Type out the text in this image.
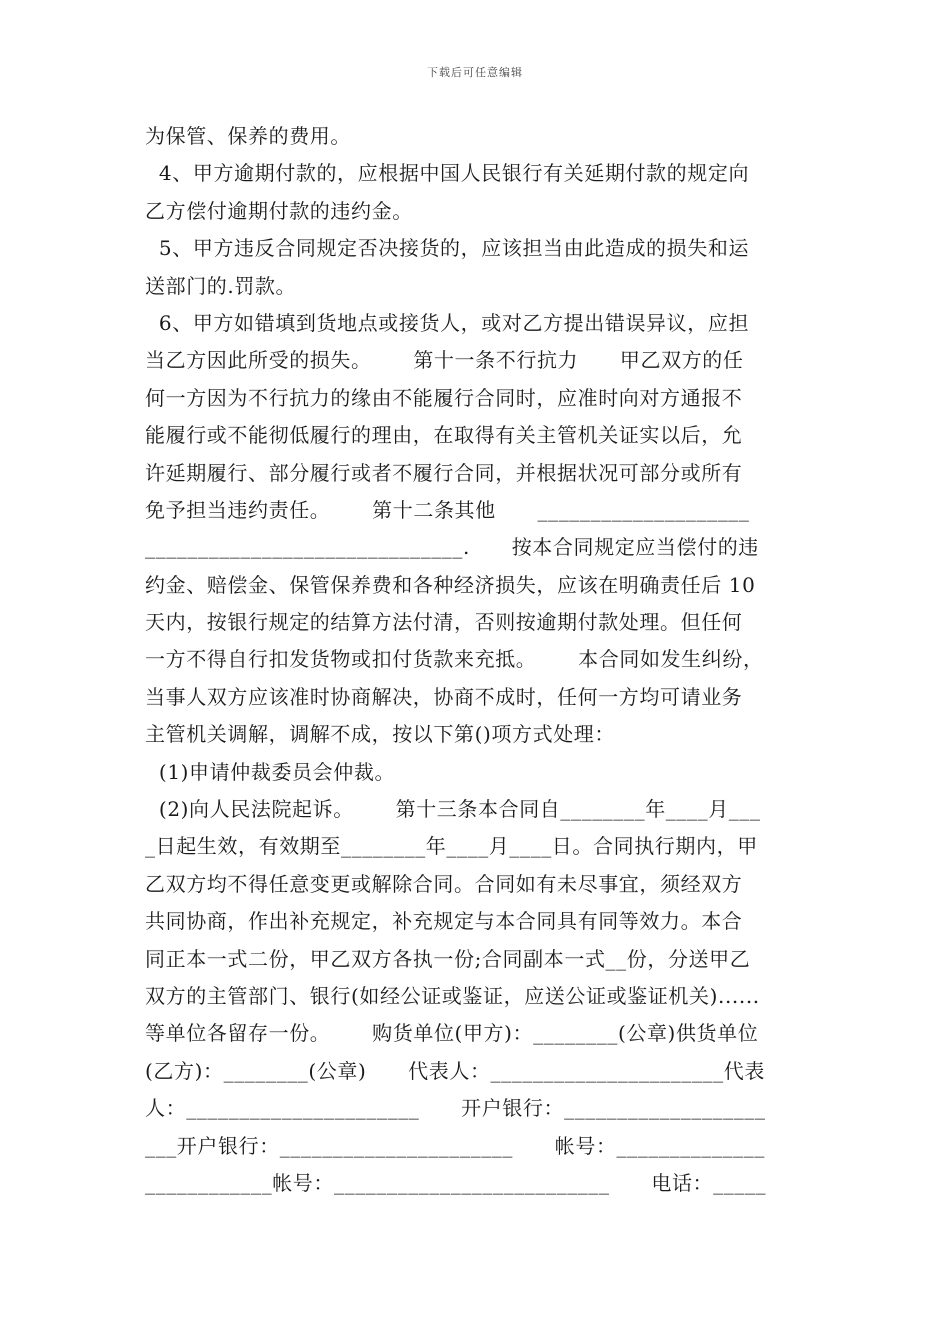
下载后可任意编辑
为保管、保养的费用。
4、甲方逾期付款的，应根据中国人民银行有关延期付款的规定向
乙方偿付逾期付款的违约金。
5、甲方违反合同规定否决接货的，应该担当由此造成的损失和运
送部门的.罚款。
6、甲方如错填到货地点或接货人，或对乙方提出错误异议，应担
当乙方因此所受的损失。      第十一条不行抗力      甲乙双方的任
何一方因为不行抗力的缘由不能履行合同时，应准时向对方通报不
能履行或不能彻低履行的理由，在取得有关主管机关证实以后，允
许延期履行、部分履行或者不履行合同，并根据状况可部分或所有
免予担当违约责任。      第十二条其他      ____________________
______________________________.      按本合同规定应当偿付的违
约金、赔偿金、保管保养费和各种经济损失，应该在明确责任后 10
天内，按银行规定的结算方法付清，否则按逾期付款处理。但任何
一方不得自行扣发货物或扣付货款来充抵。      本合同如发生纠纷，
当事人双方应该准时协商解决，协商不成时，任何一方均可请业务
主管机关调解，调解不成，按以下第()项方式处理：
(1)申请仲裁委员会仲裁。
(2)向人民法院起诉。      第十三条本合同自________年____月___
_日起生效，有效期至________年____月____日。合同执行期内，甲
乙双方均不得任意变更或解除合同。合同如有未尽事宜，须经双方
共同协商，作出补充规定，补充规定与本合同具有同等效力。本合
同正本一式二份，甲乙双方各执一份;合同副本一式__份，分送甲乙
双方的主管部门、银行(如经公证或鉴证，应送公证或鉴证机关)......
等单位各留存一份。      购货单位(甲方)：________(公章)供货单位
(乙方)：________(公章)      代表人：______________________代表
人：______________________      开户银行：___________________
___开户银行：______________________      帐号：______________
____________帐号：__________________________      电话：_____
